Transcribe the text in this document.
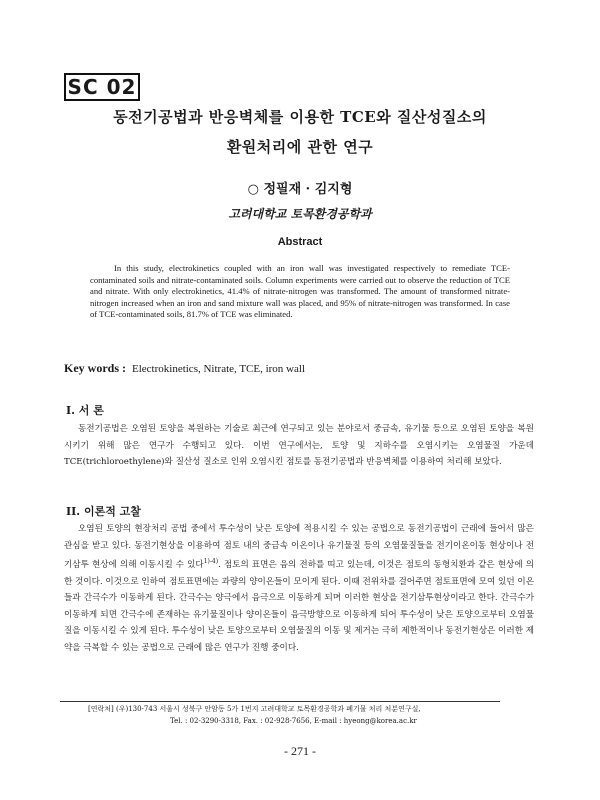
SC 02
동전기공법과 반응벽체를 이용한 TCE와 질산성질소의
환원처리에 관한 연구
○ 정필재 · 김지형
고려대학교 토목환경공학과
Abstract
In this study, electrokinetics coupled with an iron wall was investigated respectively to remediate TCE-contaminated soils and nitrate-contaminated soils. Column experiments were carried out to observe the reduction of TCE and nitrate. With only electrokinetics, 41.4% of nitrate-nitrogen was transformed. The amount of transformed nitrate-nitrogen increased when an iron and sand mixture wall was placed, and 95% of nitrate-nitrogen was transformed. In case of TCE-contaminated soils, 81.7% of TCE was eliminated.
Key words : Electrokinetics, Nitrate, TCE, iron wall
I. 서 론
동전기공법은 오염된 토양을 복원하는 기술로 최근에 연구되고 있는 분야로서 중금속, 유기물 등으로 오염된 토양을 복원시키기 위해 많은 연구가 수행되고 있다. 이번 연구에서는, 토양 및 지하수를 오염시키는 오염물질 가운데 TCE(trichloroethylene)와 질산성 질소로 인위 오염시킨 점토를 동전기공법과 반응벽체를 이용하여 처리해 보았다.
II. 이론적 고찰
오염된 토양의 현장처리 공법 중에서 투수성이 낮은 토양에 적용시킬 수 있는 공법으로 동전기공법이 근래에 들어서 많은 관심을 받고 있다. 동전기현상을 이용하여 점토 내의 중금속 이온이나 유기물질 등의 오염물질들을 전기이온이동 현상이나 전기삼투 현상에 의해 이동시킬 수 있다$^{1)-4)}$. 점토의 표면은 음의 전하를 띠고 있는데, 이것은 점토의 동형치환과 같은 현상에 의한 것이다. 이것으로 인하여 점토표면에는 과량의 양이온들이 모이게 된다. 이때 전위차를 걸어주면 점토표면에 모여 있던 이온들과 간극수가 이동하게 된다. 간극수는 양극에서 음극으로 이동하게 되며 이러한 현상을 전기삼투현상이라고 한다. 간극수가 이동하게 되면 간극수에 존재하는 유기물질이나 양이온들이 음극방향으로 이동하게 되어 투수성이 낮은 토양으로부터 오염물질을 이동시킬 수 있게 된다. 투수성이 낮은 토양으로부터 오염물질의 이동 및 제거는 극히 제한적이나 동전기현상은 이러한 제약을 극복할 수 있는 공법으로 근래에 많은 연구가 진행 중이다.
[연락처] (우)130-743 서울시 성북구 안암동 5가 1번지 고려대학교 토목환경공학과 폐기물 처리 처분연구실,
Tel. : 02-3290-3318, Fax. : 02-928-7656, E-mail : hyeong@korea.ac.kr
- 271 -
